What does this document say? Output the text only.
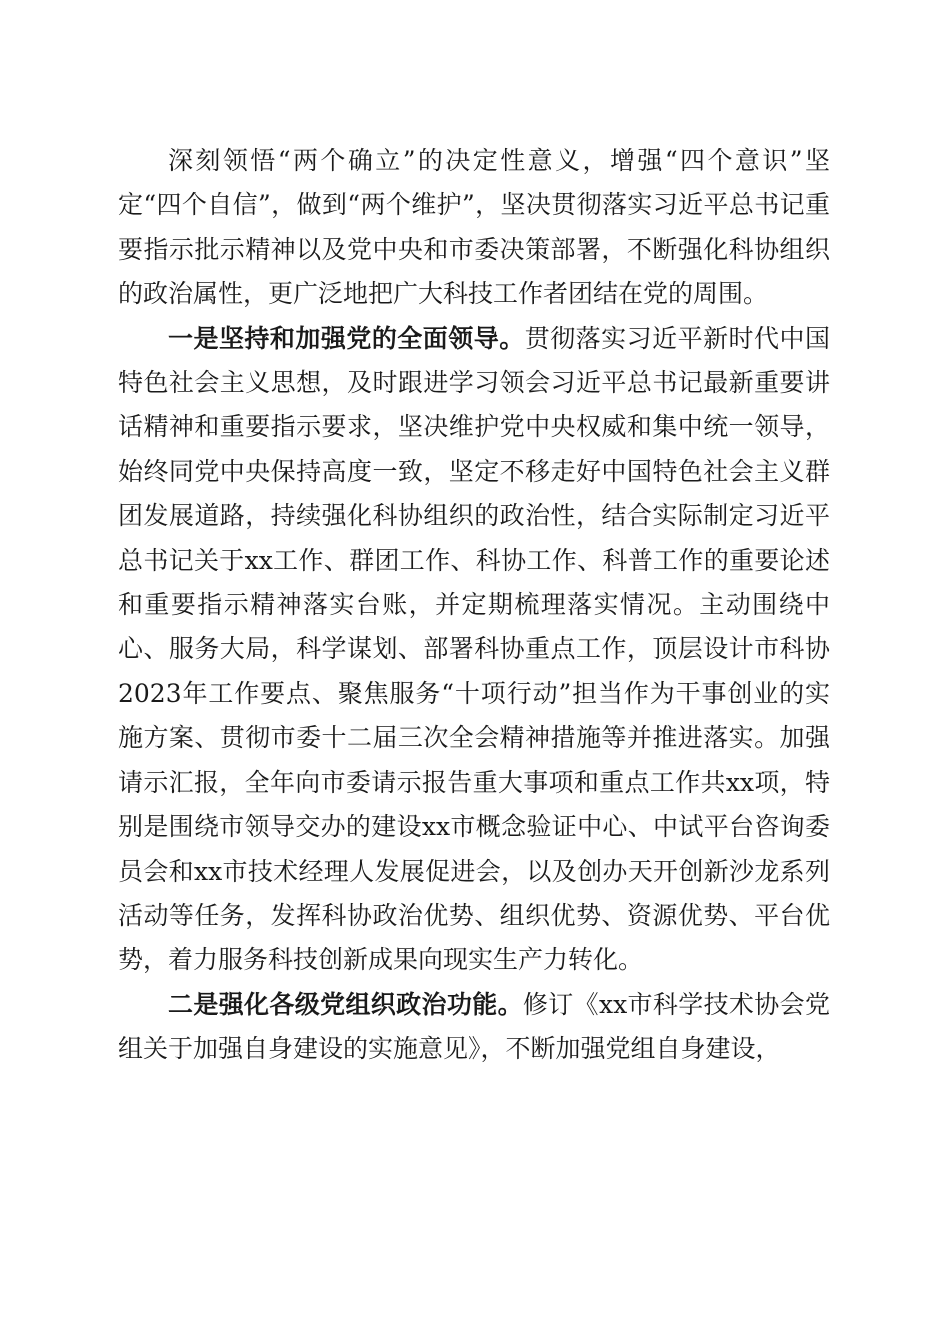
深刻领悟“两个确立”的决定性意义，增强“四个意识”坚定“四个自信”，做到“两个维护”，坚决贯彻落实习近平总书记重要指示批示精神以及党中央和市委决策部署，不断强化科协组织的政治属性，更广泛地把广大科技工作者团结在党的周围。

一是坚持和加强党的全面领导。贯彻落实习近平新时代中国特色社会主义思想，及时跟进学习领会习近平总书记最新重要讲话精神和重要指示要求，坚决维护党中央权威和集中统一领导，始终同党中央保持高度一致，坚定不移走好中国特色社会主义群团发展道路，持续强化科协组织的政治性，结合实际制定习近平总书记关于xx工作、群团工作、科协工作、科普工作的重要论述和重要指示精神落实台账，并定期梳理落实情况。主动围绕中心、服务大局，科学谋划、部署科协重点工作，顶层设计市科协2023年工作要点、聚焦服务“十项行动”担当作为干事创业的实施方案、贯彻市委十二届三次全会精神措施等并推进落实。加强请示汇报，全年向市委请示报告重大事项和重点工作共xx项，特别是围绕市领导交办的建设xx市概念验证中心、中试平台咨询委员会和xx市技术经理人发展促进会，以及创办天开创新沙龙系列活动等任务，发挥科协政治优势、组织优势、资源优势、平台优势，着力服务科技创新成果向现实生产力转化。

二是强化各级党组织政治功能。修订《xx市科学技术协会党组关于加强自身建设的实施意见》，不断加强党组自身建设，
